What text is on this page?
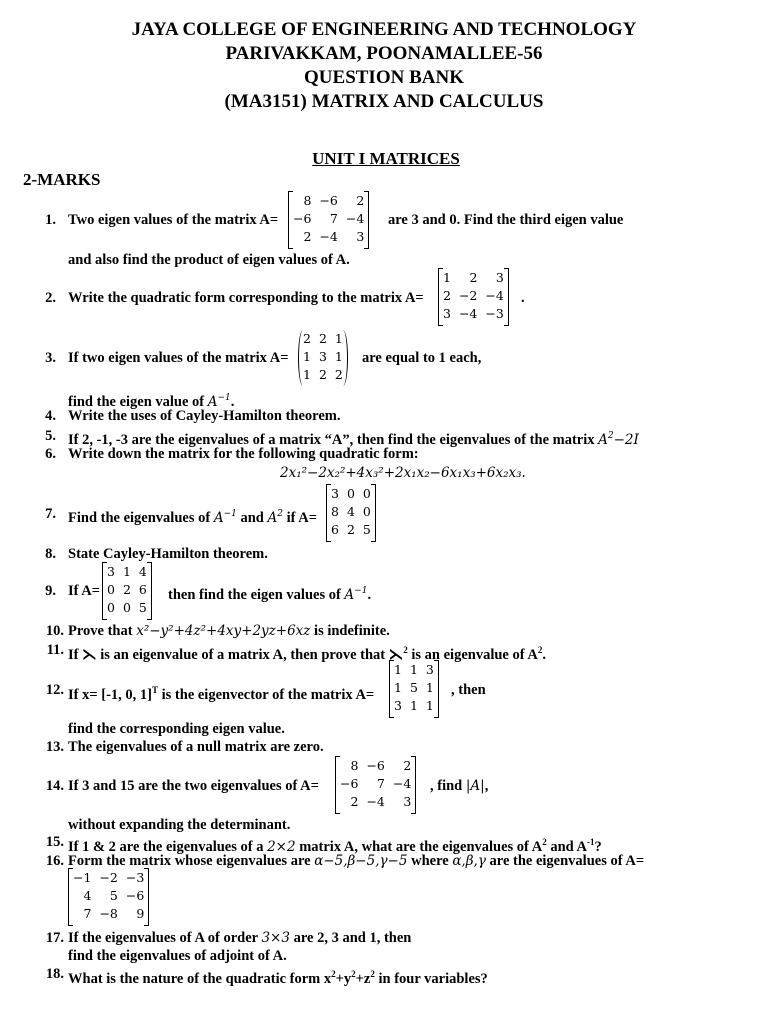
JAYA COLLEGE OF ENGINEERING AND TECHNOLOGY
PARIVAKKAM, POONAMALLEE-56
QUESTION BANK
(MA3151) MATRIX AND CALCULUS
UNIT I MATRICES
2-MARKS
1. Two eigen values of the matrix A=
8	−6	2
−6	7	−4
2	−4	3
are 3 and 0. Find the third eigen value
and also find the product of eigen values of A.
2. Write the quadratic form corresponding to the matrix A=
1	2	3
2	−2	−4
3	−4	−3
.
3. If two eigen values of the matrix A=
2	2	1
1	3	1
1	2	2
are equal to 1 each,
find the eigen value of $A^{-1}$.
4. Write the uses of Cayley-Hamilton theorem.
5. If 2, -1, -3 are the eigenvalues of a matrix “A”, then find the eigenvalues of the matrix $A^2-2I$
6. Write down the matrix for the following quadratic form:
2x₁²−2x₂²+4x₃²+2x₁x₂−6x₁x₃+6x₂x₃.
7. Find the eigenvalues of $A^{-1}$ and $A^2$ if A=
3	0	0
8	4	0
6	2	5
8. State Cayley-Hamilton theorem.
9. If A=
3	1	4
0	2	6
0	0	5
then find the eigen values of $A^{-1}$.
10. Prove that x²−y²+4z²+4xy+2yz+6xz is indefinite.
11. If ⋋ is an eigenvalue of a matrix A, then prove that ⋋$^2$ is an eigenvalue of $A^2$.
12. If x= [-1, 0, 1]$^T$ is the eigenvector of the matrix A=
1	1	3
1	5	1
3	1	1
, then
find the corresponding eigen value.
13. The eigenvalues of a null matrix are zero.
14. If 3 and 15 are the two eigenvalues of A=
8	−6	2
−6	7	−4
2	−4	3
, find |A|,
without expanding the determinant.
15. If 1 & 2 are the eigenvalues of a 2×2 matrix A, what are the eigenvalues of $A^2$ and $A^{-1}$?
16. Form the matrix whose eigenvalues are α−5,β−5,γ−5 where α,β,γ are the eigenvalues of A=
−1	−2	−3
4	5	−6
7	−8	9
17. If the eigenvalues of A of order 3×3 are 2, 3 and 1, then
find the eigenvalues of adjoint of A.
18. What is the nature of the quadratic form $x^2+y^2+z^2$ in four variables?
